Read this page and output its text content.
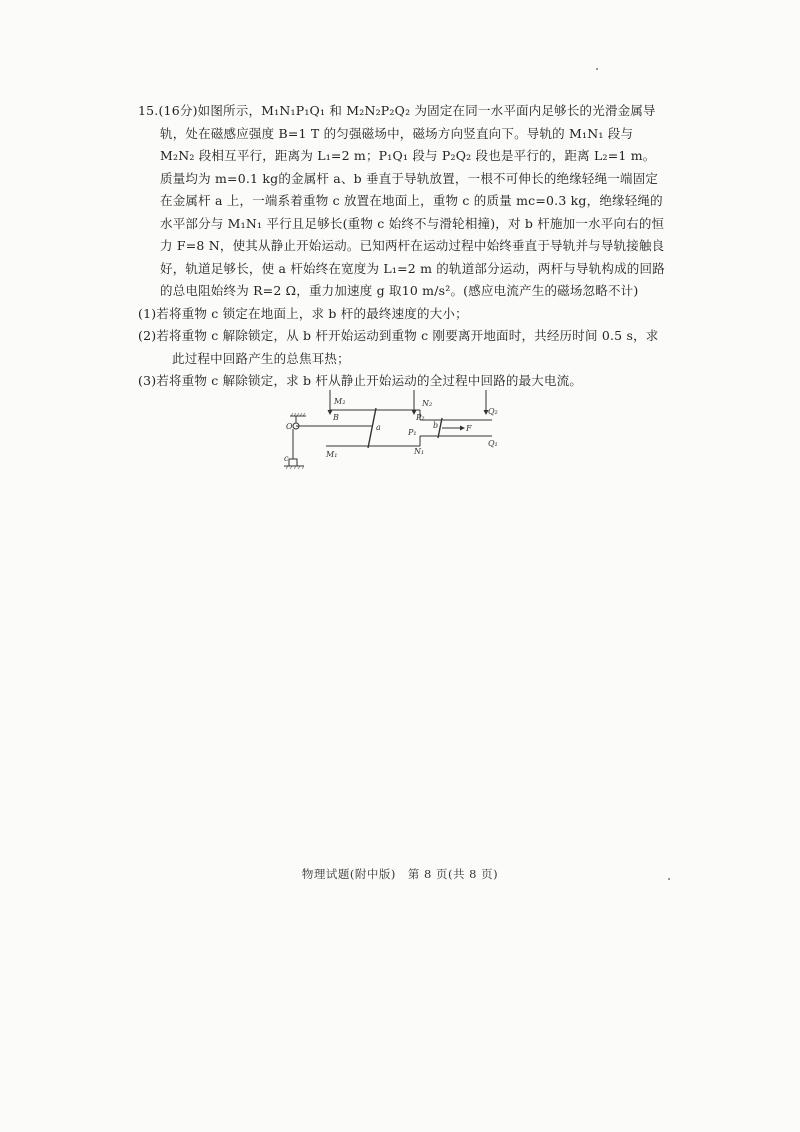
15.(16分)如图所示，M₁N₁P₁Q₁ 和 M₂N₂P₂Q₂ 为固定在同一水平面内足够长的光滑金属导轨，处在磁感应强度 B=1 T 的匀强磁场中，磁场方向竖直向下。导轨的 M₁N₁ 段与 M₂N₂ 段相互平行，距离为 L₁=2 m；P₁Q₁ 段与 P₂Q₂ 段也是平行的，距离 L₂=1 m。质量均为 m=0.1 kg的金属杆 a、b 垂直于导轨放置，一根不可伸长的绝缘轻绳一端固定在金属杆 a 上，一端系着重物 c 放置在地面上，重物 c 的质量 mc=0.3 kg，绝缘轻绳的水平部分与 M₁N₁ 平行且足够长(重物 c 始终不与滑轮相撞)，对 b 杆施加一水平向右的恒力 F=8 N，使其从静止开始运动。已知两杆在运动过程中始终垂直于导轨并与导轨接触良好，轨道足够长，使 a 杆始终在宽度为 L₁=2 m 的轨道部分运动，两杆与导轨构成的回路的总电阻始终为 R=2 Ω，重力加速度 g 取10 m/s²。(感应电流产生的磁场忽略不计)

(1)若将重物 c 锁定在地面上，求 b 杆的最终速度的大小；

(2)若将重物 c 解除锁定，从 b 杆开始运动到重物 c 刚要离开地面时，共经历时间 0.5 s，求此过程中回路产生的总焦耳热；

(3)若将重物 c 解除锁定，求 b 杆从静止开始运动的全过程中回路的最大电流。

M₂
B
O	a
M₁
P₂
N₂
Q₂
b	F
P₁
N₁
Q₁
c
物理试题(附中版)　第 8 页(共 8 页)
